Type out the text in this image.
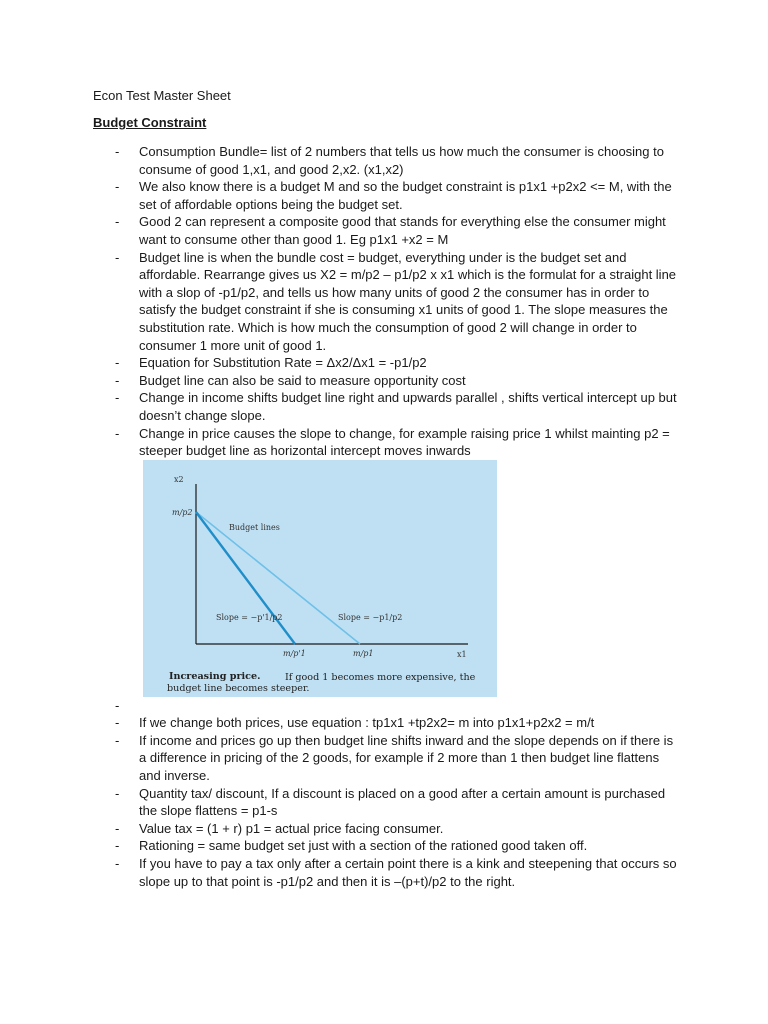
Econ Test Master Sheet
Budget Constraint
- Consumption Bundle= list of 2 numbers that tells us how much the consumer is choosing to consume of good 1,x1, and good 2,x2. (x1,x2)
- We also know there is a budget M and so the budget constraint is p1x1 +p2x2 <= M, with the set of affordable options being the budget set.
- Good 2 can represent a composite good that stands for everything else the consumer might want to consume other than good 1. Eg p1x1 +x2 = M
- Budget line is when the bundle cost = budget, everything under is the budget set and affordable. Rearrange gives us X2 = m/p2 – p1/p2 x x1 which is the formulat for a straight line with a slop of -p1/p2, and tells us how many units of good 2 the consumer has in order to satisfy the budget constraint if she is consuming x1 units of good 1. The slope measures the substitution rate. Which is how much the consumption of good 2 will change in order to consumer 1 more unit of good 1.
- Equation for Substitution Rate = Δx2/Δx1 = -p1/p2
- Budget line can also be said to measure opportunity cost
- Change in income shifts budget line right and upwards parallel , shifts vertical intercept up but doesn’t change slope.
- Change in price causes the slope to change, for example raising price 1 whilst mainting p2 = steeper budget line as horizontal intercept moves inwards
x2
x1
m/p2
Budget lines
Slope = −p'1/p2	Slope = −p1/p2
m/p'1	m/p1
Increasing price.	If good 1 becomes more expensive, the budget line becomes steeper.
-
- If we change both prices, use equation : tp1x1 +tp2x2= m into p1x1+p2x2 = m/t
- If income and prices go up then budget line shifts inward and the slope depends on if there is a difference in pricing of the 2 goods, for example if 2 more than 1 then budget line flattens and inverse.
- Quantity tax/ discount, If a discount is placed on a good after a certain amount is purchased the slope flattens = p1-s
- Value tax = (1 + r) p1 = actual price facing consumer.
- Rationing = same budget set just with a section of the rationed good taken off.
- If you have to pay a tax only after a certain point there is a kink and steepening that occurs so slope up to that point is -p1/p2 and then it is –(p+t)/p2 to the right.
